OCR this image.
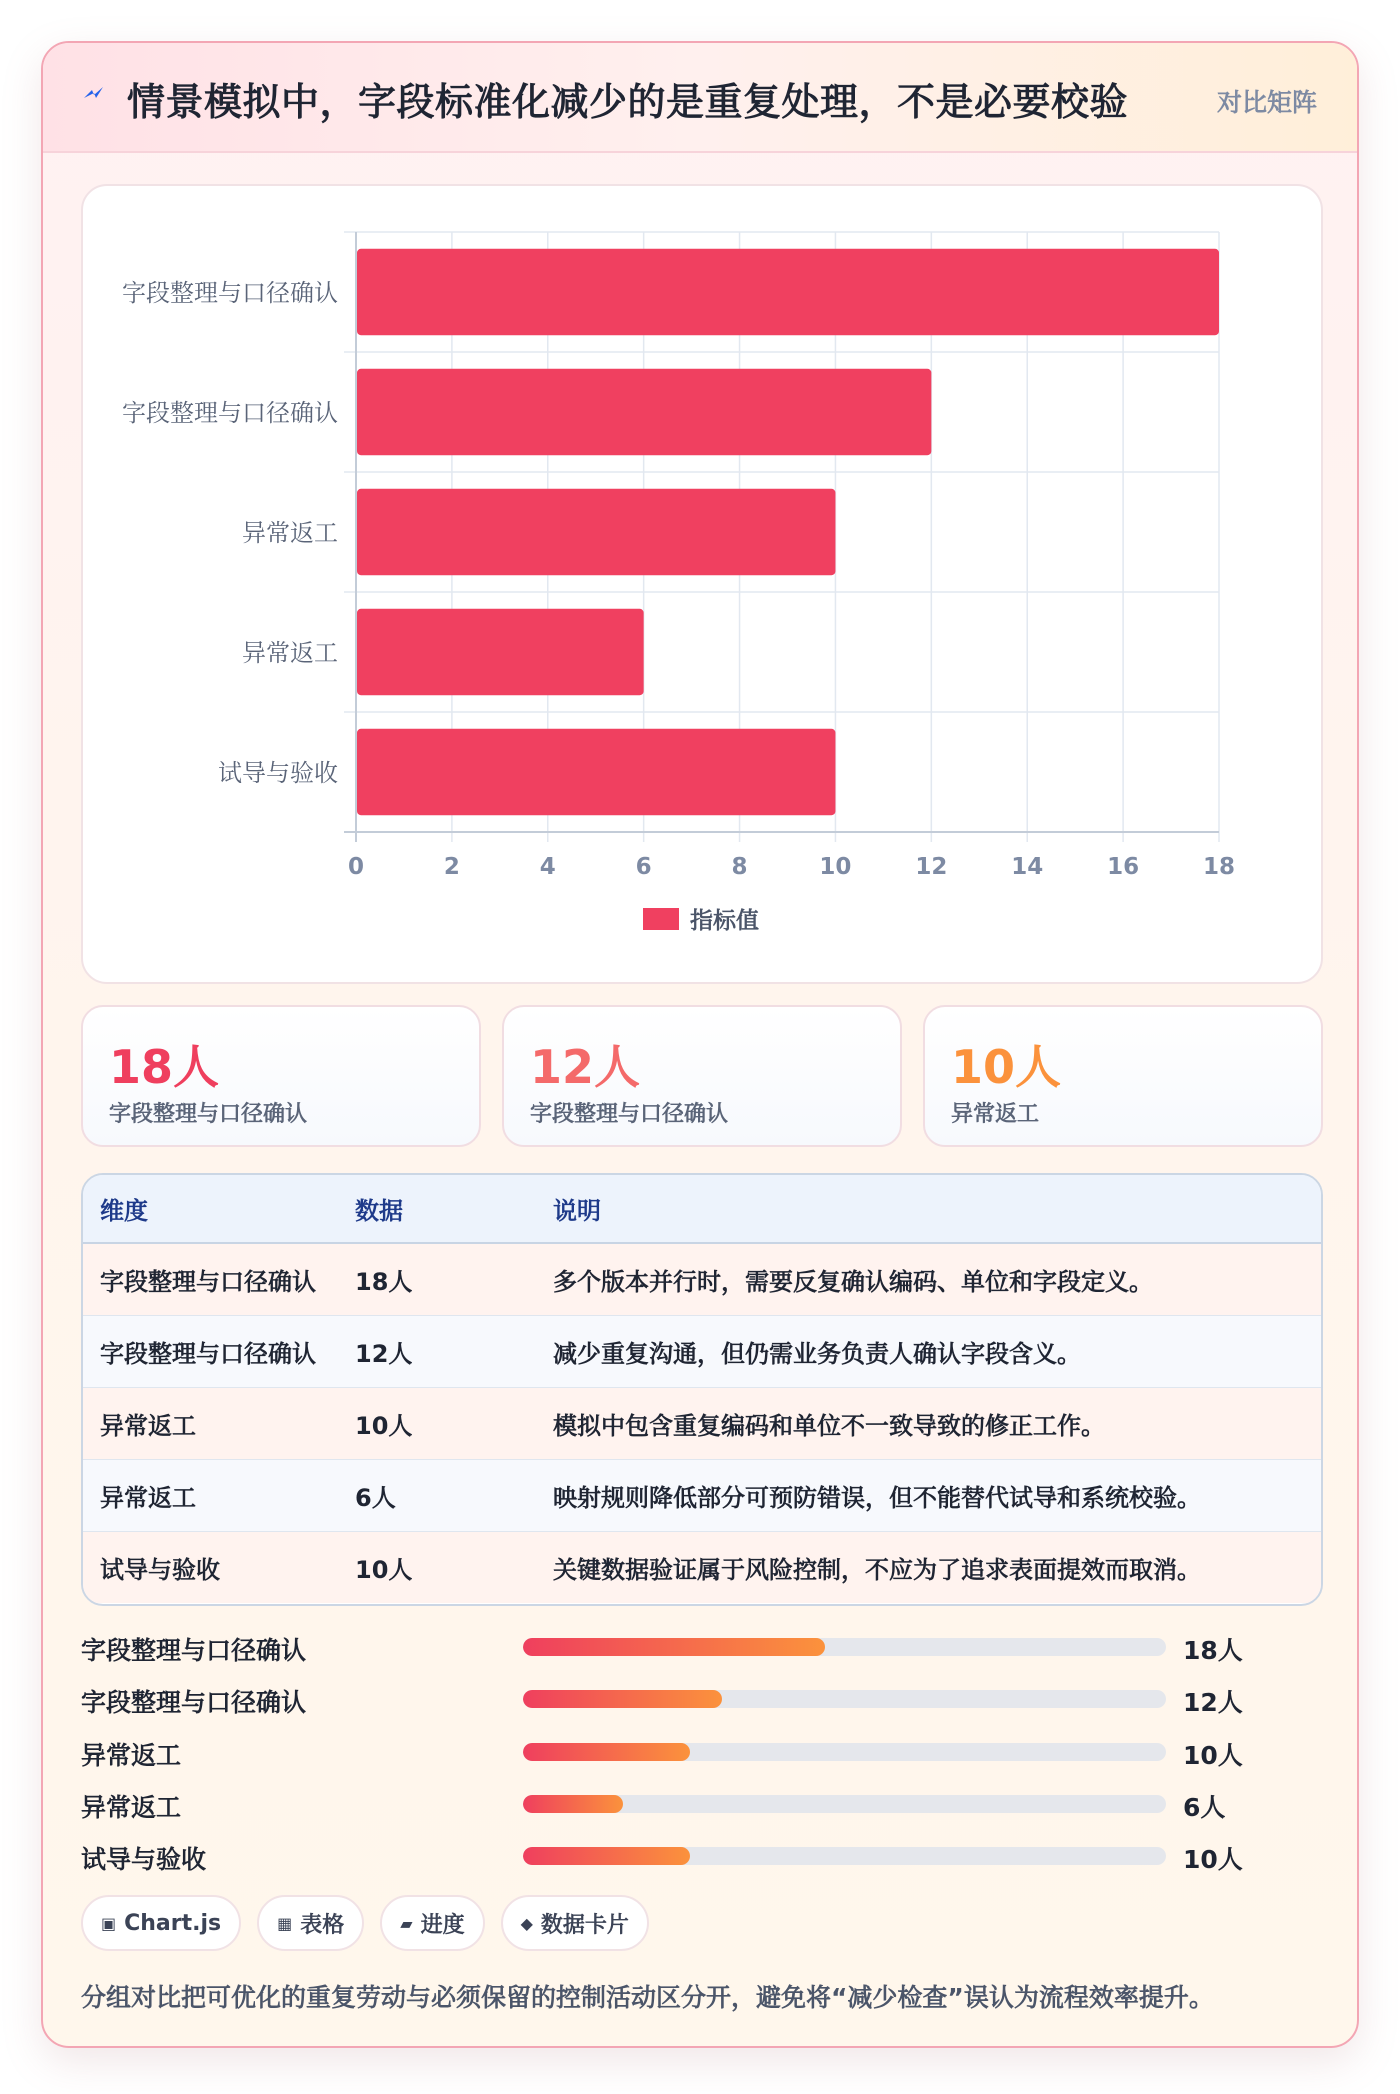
情景模拟中，字段标准化减少的是重复处理，不是必要校验	对比矩阵
0	2	4	6	8	10	12	14	16	18
字段整理与口径确认
字段整理与口径确认
异常返工
异常返工
试导与验收
指标值
18人
字段整理与口径确认
12人
字段整理与口径确认
10人
异常返工
维度	数据	说明
字段整理与口径确认	18人	多个版本并行时，需要反复确认编码、单位和字段定义。
字段整理与口径确认	12人	减少重复沟通，但仍需业务负责人确认字段含义。
异常返工	10人	模拟中包含重复编码和单位不一致导致的修正工作。
异常返工	6人	映射规则降低部分可预防错误，但不能替代试导和系统校验。
试导与验收	10人	关键数据验证属于风险控制，不应为了追求表面提效而取消。
字段整理与口径确认	18人
字段整理与口径确认	12人
异常返工	10人
异常返工	6人
试导与验收	10人
▣ Chart.js	▦ 表格	▰ 进度	◆ 数据卡片
分组对比把可优化的重复劳动与必须保留的控制活动区分开，避免将“减少检查”误认为流程效率提升。
